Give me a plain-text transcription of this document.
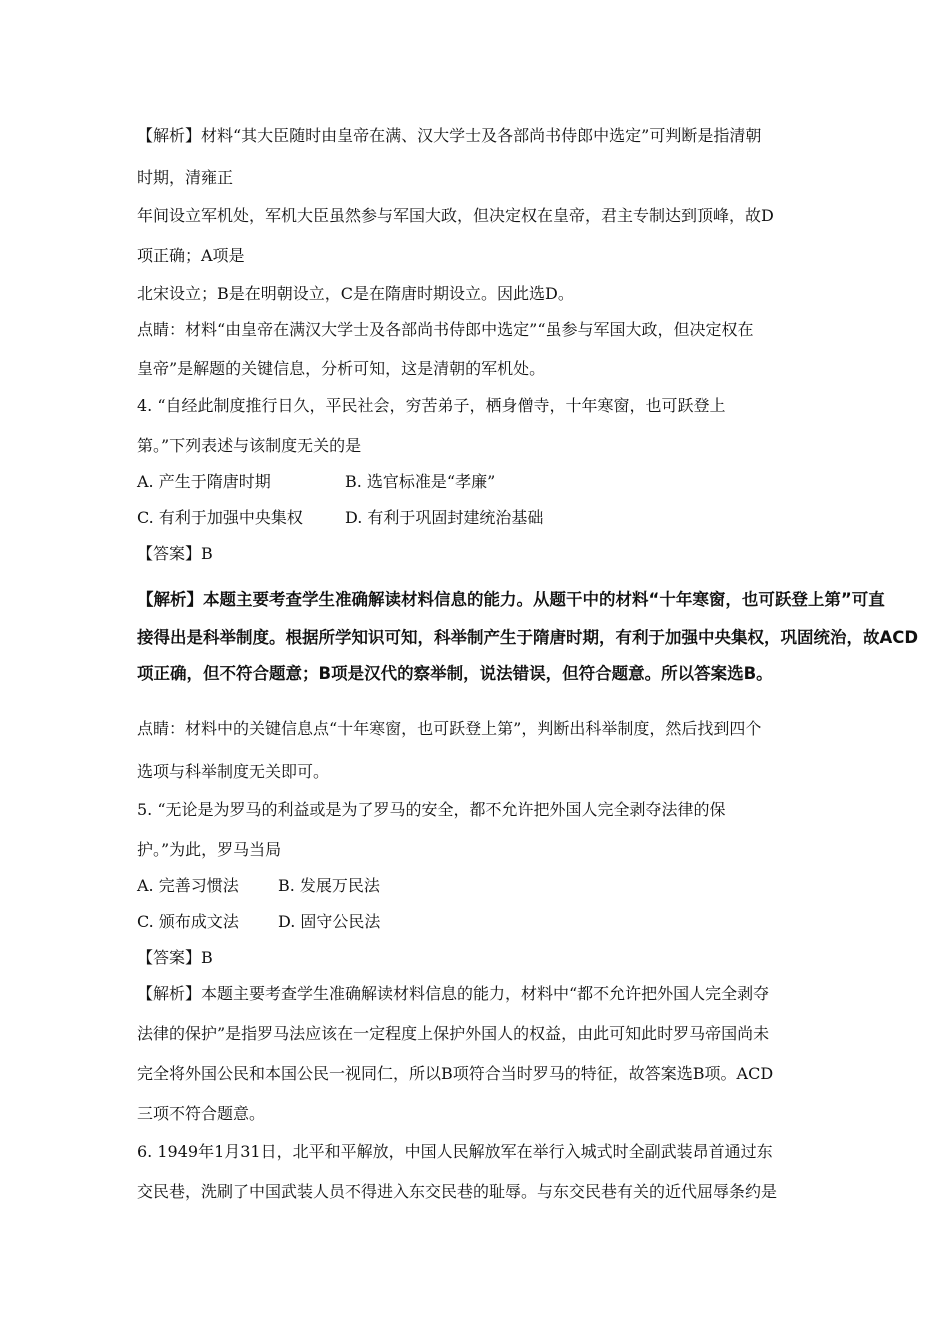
【解析】材料“其大臣随时由皇帝在满、汉大学士及各部尚书侍郎中选定”可判断是指清朝
时期，清雍正
年间设立军机处，军机大臣虽然参与军国大政，但决定权在皇帝，君主专制达到顶峰，故D
项正确；A项是
北宋设立；B是在明朝设立，C是在隋唐时期设立。因此选D。
点睛：材料“由皇帝在满汉大学士及各部尚书侍郎中选定”“虽参与军国大政，但决定权在
皇帝”是解题的关键信息，分析可知，这是清朝的军机处。
4. “自经此制度推行日久，平民社会，穷苦弟子，栖身僧寺，十年寒窗，也可跃登上
第。”下列表述与该制度无关的是
A. 产生于隋唐时期	B. 选官标准是“孝廉”
C. 有利于加强中央集权	D. 有利于巩固封建统治基础
【答案】B
【解析】本题主要考查学生准确解读材料信息的能力。从题干中的材料“十年寒窗，也可跃登上第”可直
接得出是科举制度。根据所学知识可知，科举制产生于隋唐时期，有利于加强中央集权，巩固统治，故ACD
项正确，但不符合题意；B项是汉代的察举制，说法错误，但符合题意。所以答案选B。
点睛：材料中的关键信息点“十年寒窗，也可跃登上第”，判断出科举制度，然后找到四个
选项与科举制度无关即可。
5. “无论是为罗马的利益或是为了罗马的安全，都不允许把外国人完全剥夺法律的保
护。”为此，罗马当局
A. 完善习惯法 B. 发展万民法
C. 颁布成文法 D. 固守公民法
【答案】B
【解析】本题主要考查学生准确解读材料信息的能力，材料中“都不允许把外国人完全剥夺
法律的保护”是指罗马法应该在一定程度上保护外国人的权益，由此可知此时罗马帝国尚未
完全将外国公民和本国公民一视同仁，所以B项符合当时罗马的特征，故答案选B项。ACD
三项不符合题意。
6. 1949年1月31日，北平和平解放，中国人民解放军在举行入城式时全副武装昂首通过东
交民巷，洗刷了中国武装人员不得进入东交民巷的耻辱。与东交民巷有关的近代屈辱条约是
